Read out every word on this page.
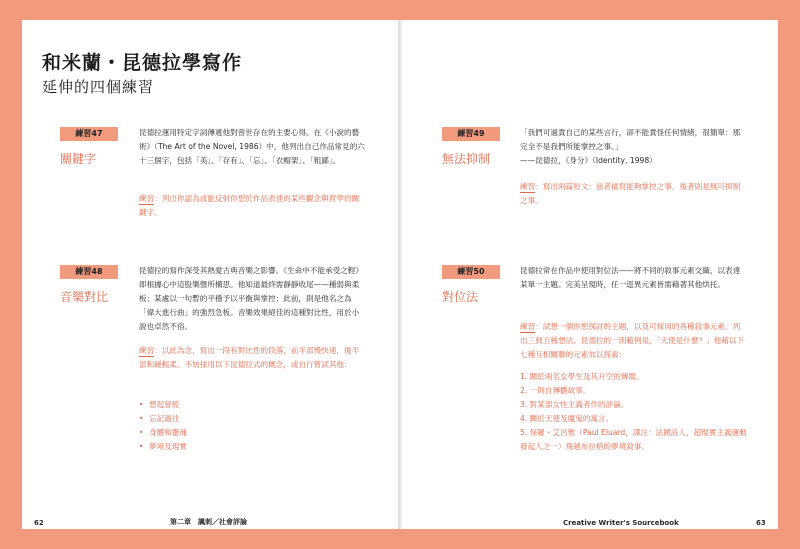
和米蘭・昆德拉學寫作
延伸的四個練習
練習47
關鍵字
昆德拉運用特定字詞傳遞他對曾世存在的主要心得。在《小說的藝術》（The Art of the Novel, 1986）中，他列出自己作品常見的六十三個字，包括「美」、「存有」、「忘」、「衣帽架」、「粗鄙」。
練習：列出你認為或能反射你想於作品表達的某些觀念與哲學的關鍵字。
練習48
音樂對比
昆德拉的寫作深受其熱愛古典音樂之影響。《生命中不能承受之輕》即根據心中這股樂聲所構思。他知道最終需靜靜收尾——種弱與柔板；某處以一句暫的平穩予以平衡與掌控；此前，則是他名之為「偉大進行曲」的強烈急板。音樂效果絕佳的這種對比性，用於小說也卓然不俗。
練習：以此為念，寫出一段有對比性的段落，前半部慢快速，後半部和緩輕柔。不妨採用以下昆德拉式的概念，或自行嘗試其他：
• 想起曾經
• 忘記過往
• 身體和靈魂
• 夢境及現實
62	第二章　諷刺／社會評論
練習49
無法抑制
「我們可過責自己的某些言行，卻不能責怪任何情緒，很簡單：那完全不是我們所能掌控之事。」
——昆德拉，《身分》（Identity, 1998）
練習：寫出兩篇短文：前者描寫能夠掌控之事，後者則是無可抑制之事。
練習50
對位法
昆德拉常在作品中使用對位法——將不同的敘事元素交織，以表達某單一主題。完美呈現時，任一逕異元素皆需藉著其他烘托。
練習：試想一個你想探討的主題，以及可採用的各種敘事元素。列出三到五種想法。昆德拉的一則範例是，「天使是什麼？」他藉以下七種互相關聯的元素加以探索：
1. 關於兩名女學生及其升空的傳聞。
2. 一則自傳體故事。
3. 對某部女性主義者作的評論。
4. 關於天使及魔鬼的寓言。
5. 保羅・艾呂雅（Paul Eluard，譯注：法國詩人，超現實主義運動發起人之一）飛越布拉格的夢境敘事。
Creative Writer's Sourcebook	63
